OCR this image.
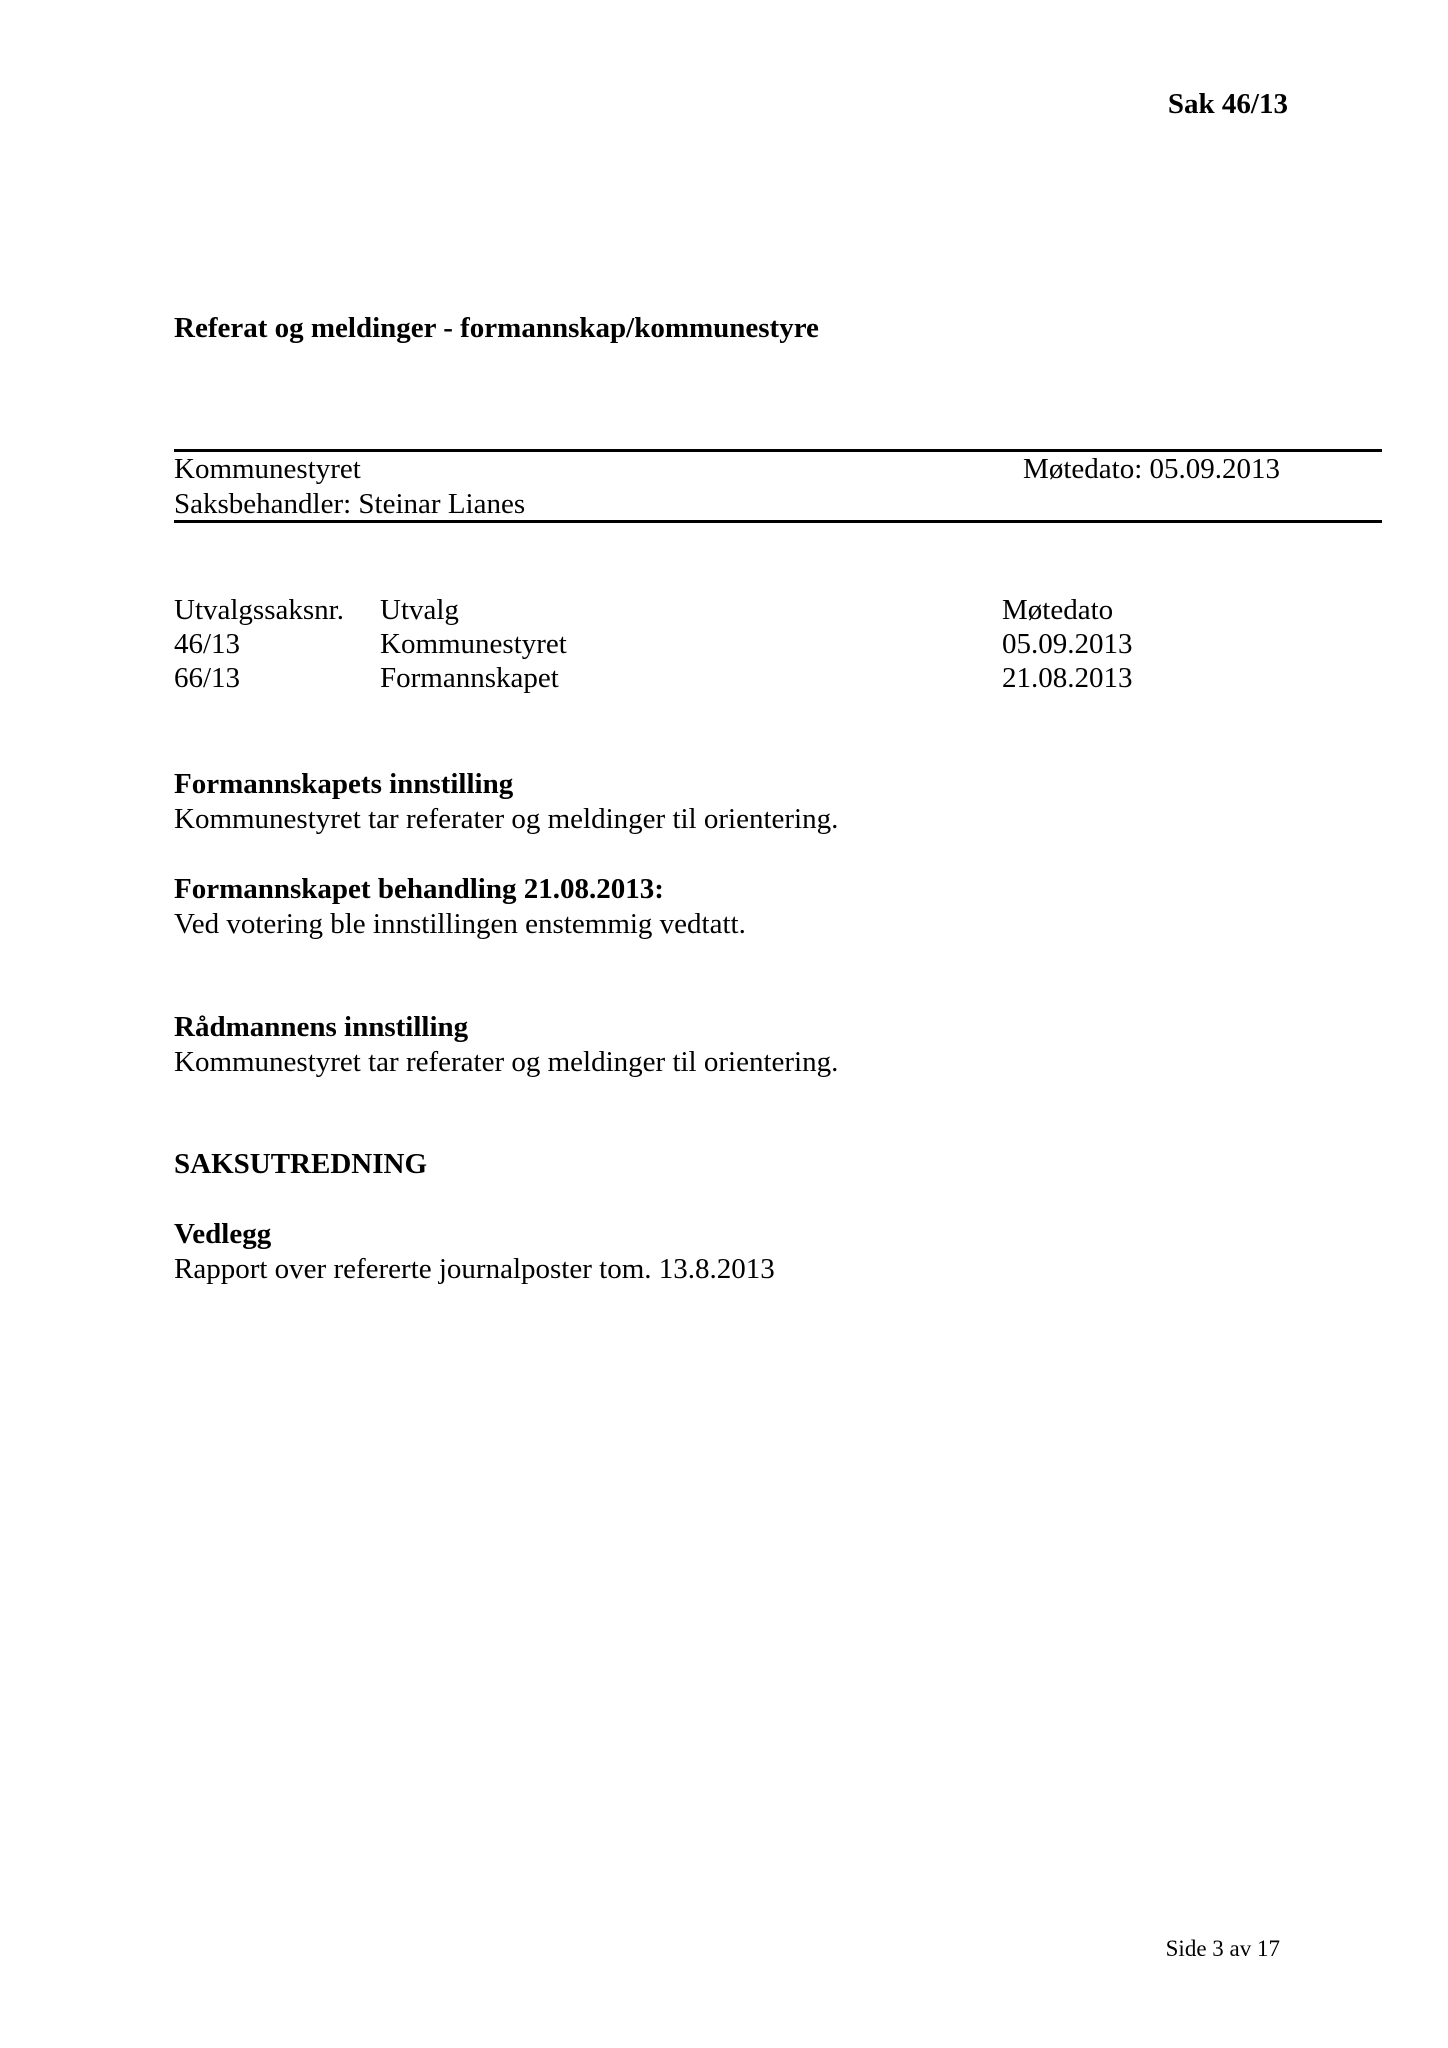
Sak 46/13
Referat og meldinger - formannskap/kommunestyre
Kommunestyret
Saksbehandler: Steinar Lianes
Møtedato: 05.09.2013
Utvalgssaksnr.	Utvalg	Møtedato
46/13	Kommunestyret	05.09.2013
66/13	Formannskapet	21.08.2013
Formannskapets innstilling
Kommunestyret tar referater og meldinger til orientering.
Formannskapet behandling 21.08.2013:
Ved votering ble innstillingen enstemmig vedtatt.
Rådmannens innstilling
Kommunestyret tar referater og meldinger til orientering.
SAKSUTREDNING
Vedlegg
Rapport over refererte journalposter tom. 13.8.2013
Side 3 av 17
